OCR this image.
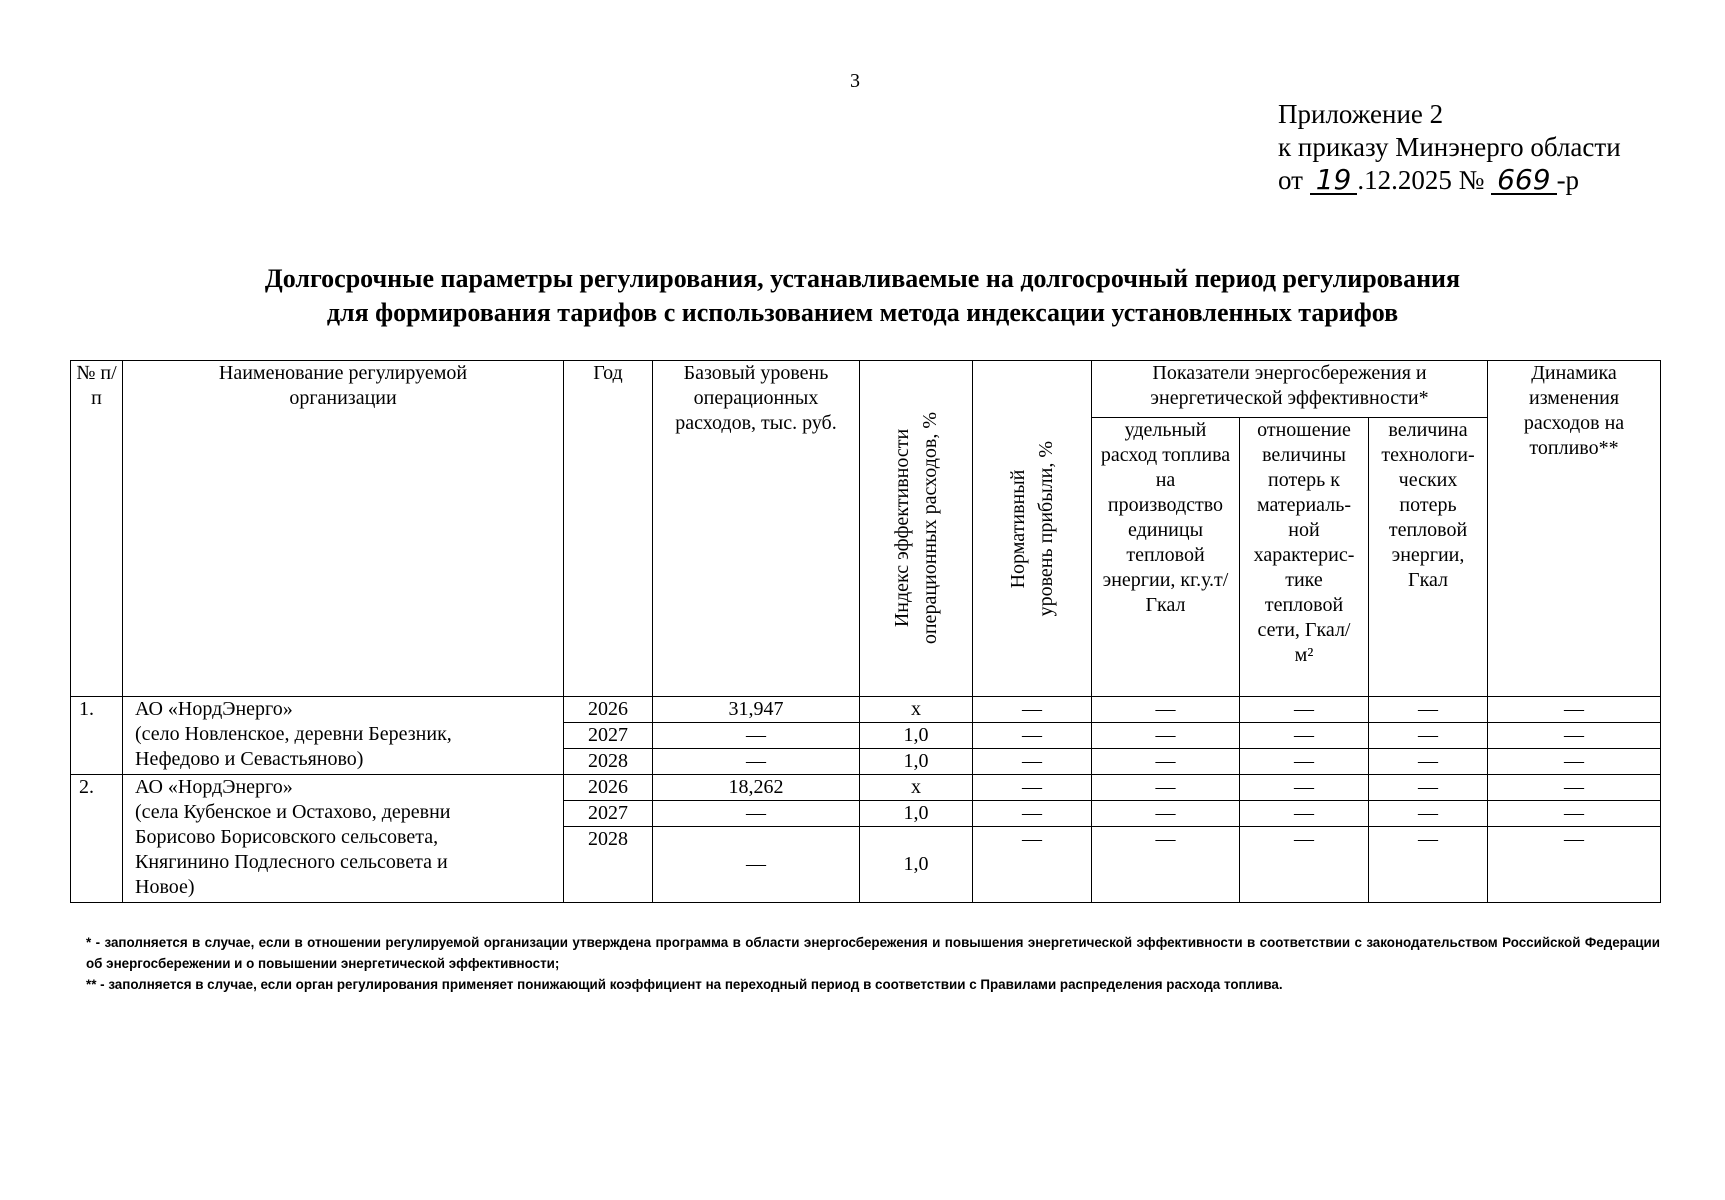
3
Приложение 2
к приказу Минэнерго области
от 19 .12.2025 № 669 -р
Долгосрочные параметры регулирования, устанавливаемые на долгосрочный период регулирования
для формирования тарифов с использованием метода индексации установленных тарифов
№ п/п	Наименование регулируемой организации	Год	Базовый уровень операционных расходов, тыс. руб.	Индекс эффективности операционных расходов, %	Нормативный уровень прибыли, %	Показатели энергосбережения и энергетической эффективности*			Динамика изменения расходов на топливо**
						удельный расход топлива на производство единицы тепловой энергии, кг.у.т/Гкал	отношение величины потерь к материаль-ной характерис-тике тепловой сети, Гкал/м²	величина технологи-ческих потерь тепловой энергии, Гкал	
1.	АО «НордЭнерго»
(село Новленское, деревни Березник,
Нефедово и Севастьяново)	2026	31,947	х	—	—	—	—	—
		2027	—	1,0	—	—	—	—	—
		2028	—	1,0	—	—	—	—	—
2.	АО «НордЭнерго»
(села Кубенское и Остахово, деревни
Борисово Борисовского сельсовета,
Княгинино Подлесного сельсовета и
Новое)	2026	18,262	х	—	—	—	—	—
		2027	—	1,0	—	—	—	—	—
		2028	—	1,0	—	—	—	—	—

* - заполняется в случае, если в отношении регулируемой организации утверждена программа в области энергосбережения и повышения энергетической эффективности в соответствии с законодательством Российской Федерации об энергосбережении и о повышении энергетической эффективности;

** - заполняется в случае, если орган регулирования применяет понижающий коэффициент на переходный период в соответствии с Правилами распределения расхода топлива.
